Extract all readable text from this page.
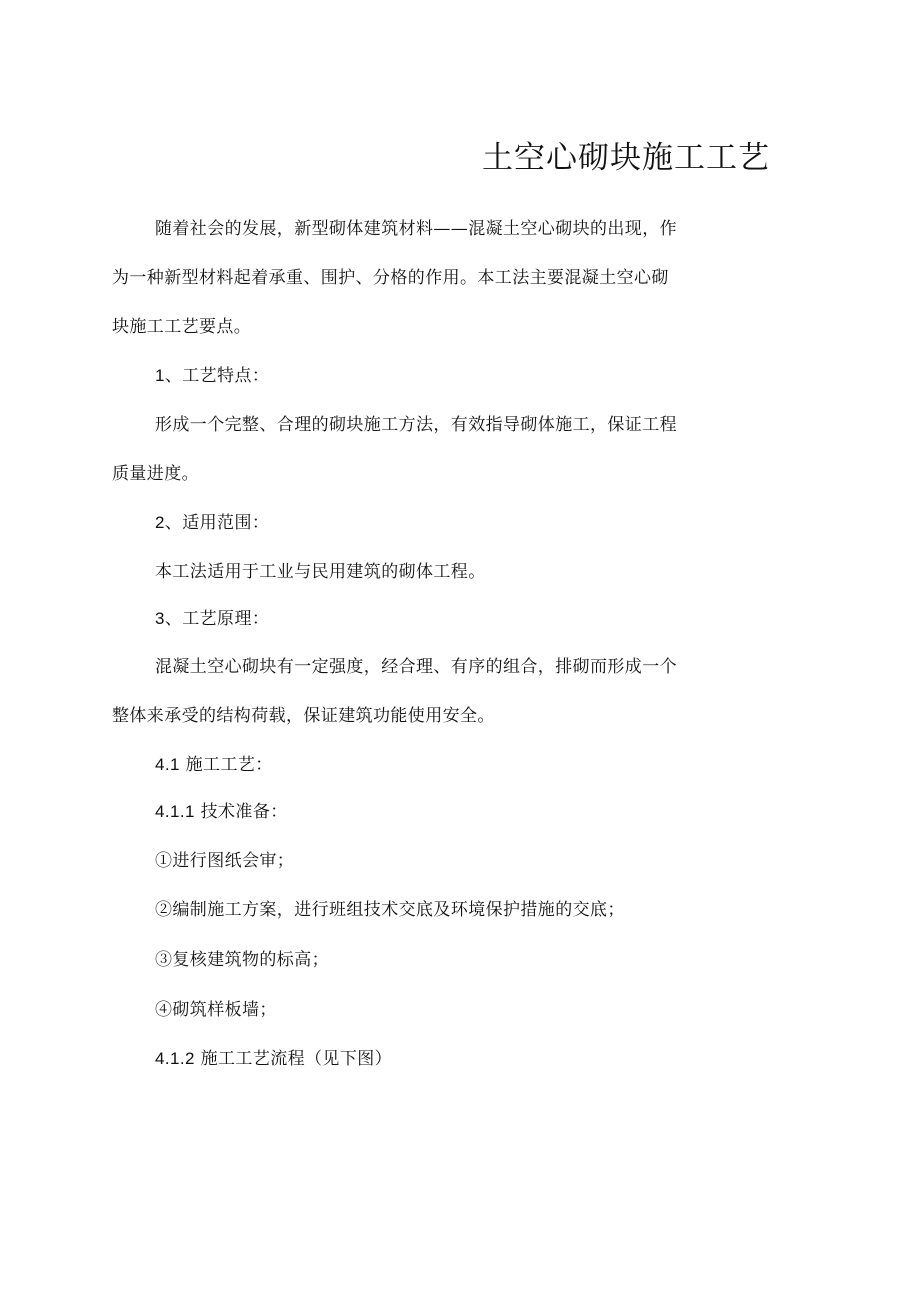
土空心砌块施工工艺
随着社会的发展，新型砌体建筑材料——混凝土空心砌块的出现，作
为一种新型材料起着承重、围护、分格的作用。本工法主要混凝土空心砌
块施工工艺要点。
1、工艺特点：
形成一个完整、合理的砌块施工方法，有效指导砌体施工，保证工程
质量进度。
2、适用范围：
本工法适用于工业与民用建筑的砌体工程。
3、工艺原理：
混凝土空心砌块有一定强度，经合理、有序的组合，排砌而形成一个
整体来承受的结构荷载，保证建筑功能使用安全。
4.1 施工工艺：
4.1.1 技术准备：
①进行图纸会审；
②编制施工方案，进行班组技术交底及环境保护措施的交底；
③复核建筑物的标高；
④砌筑样板墙；
4.1.2 施工工艺流程（见下图）
